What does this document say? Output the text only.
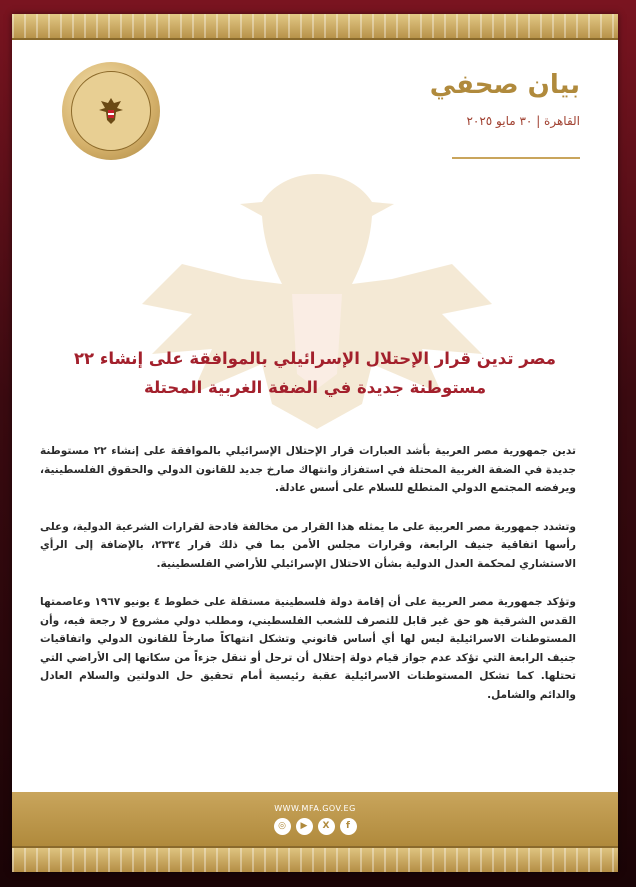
بيان صحفي
القاهرة | ٣٠ مايو ٢٠٢٥
مصر تدين قرار الإحتلال الإسرائيلي بالموافقة على إنشاء ٢٢
مستوطنة جديدة في الضفة الغربية المحتلة

تدين جمهورية مصر العربية بأشد العبارات قرار الإحتلال الإسرائيلي بالموافقة على إنشاء ٢٢ مستوطنة جديدة في الضفة الغربية المحتلة في استفزاز وانتهاك صارخ جديد للقانون الدولي والحقوق الفلسطينية، ويرفضه المجتمع الدولي المتطلع للسلام على أسس عادلة.

وتشدد جمهورية مصر العربية على ما يمثله هذا القرار من مخالفة فادحة لقرارات الشرعية الدولية، وعلى رأسها اتفاقية جنيف الرابعة، وقرارات مجلس الأمن بما في ذلك قرار ٢٣٣٤، بالإضافة إلى الرأي الاستشاري لمحكمة العدل الدولية بشأن الاحتلال الإسرائيلي للأراضي الفلسطينية.

وتؤكد جمهورية مصر العربية على أن إقامة دولة فلسطينية مستقلة على خطوط ٤ يونيو ١٩٦٧ وعاصمتها القدس الشرقية هو حق غير قابل للتصرف للشعب الفلسطيني، ومطلب دولي مشروع لا رجعة فيه، وأن المستوطنات الاسرائيلية ليس لها أي أساس قانوني وتشكل انتهاكاً صارخاً للقانون الدولي واتفاقيات جنيف الرابعة التي تؤكد عدم جواز قيام دولة إحتلال أن ترحل أو تنقل جزءاً من سكانها إلى الأراضي التي تحتلها. كما تشكل المستوطنات الاسرائيلية عقبة رئيسية أمام تحقيق حل الدولتين والسلام العادل والدائم والشامل.

WWW.MFA.GOV.EG
◎	▶	X	f
